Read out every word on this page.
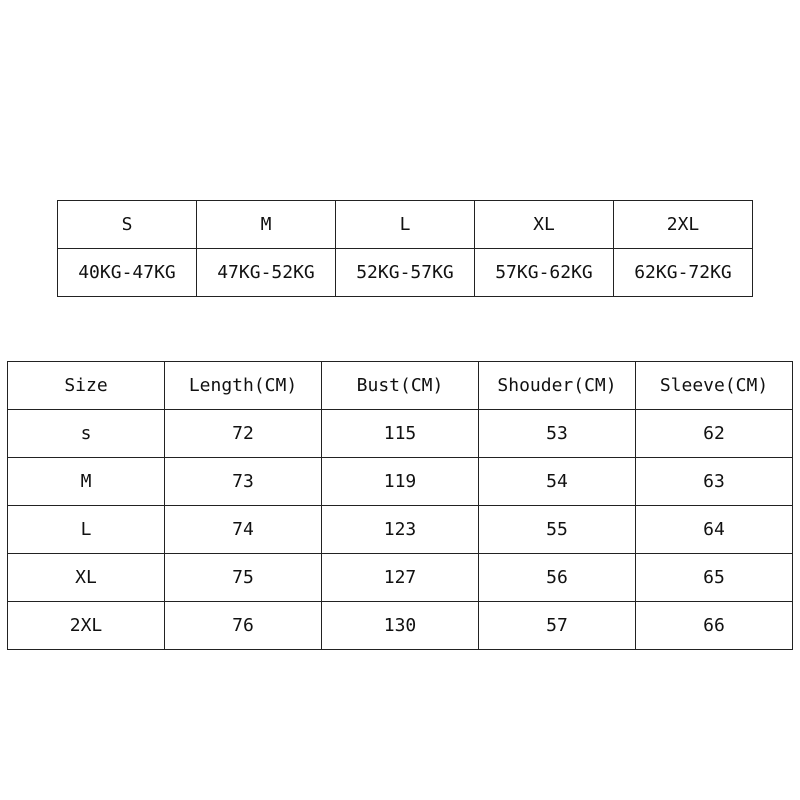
S	M	L	XL	2XL
40KG-47KG	47KG-52KG	52KG-57KG	57KG-62KG	62KG-72KG
Size	Length(CM)	Bust(CM)	Shouder(CM)	Sleeve(CM)
s	72	115	53	62
M	73	119	54	63
L	74	123	55	64
XL	75	127	56	65
2XL	76	130	57	66
